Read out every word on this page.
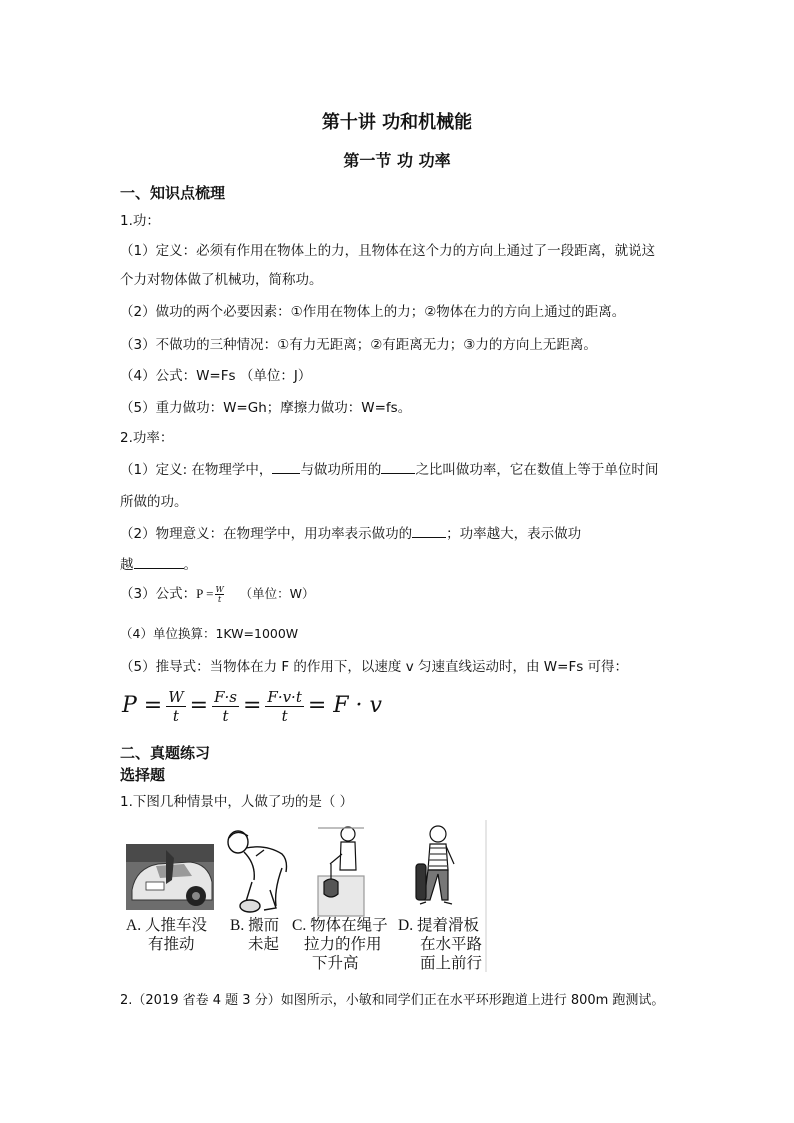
第十讲 功和机械能
第一节 功 功率
一、知识点梳理
1.功：
（1）定义：必须有作用在物体上的力，且物体在这个力的方向上通过了一段距离，就说这
个力对物体做了机械功，简称功。
（2）做功的两个必要因素：①作用在物体上的力；②物体在力的方向上通过的距离。
（3）不做功的三种情况：①有力无距离；②有距离无力；③力的方向上无距离。
（4）公式：W=Fs （单位：J）
（5）重力做功：W=Gh；摩擦力做功：W=fs。
2.功率：
（1）定义: 在物理学中， 与做功所用的	之比叫做功率，它在数值上等于单位时间
所做的功。
（2）物理意义：在物理学中，用功率表示做功的	；功率越大，表示做功
越	。
（3）公式：$P = \frac{W}{t}$ （单位：W）
（4）单位换算：1KW=1000W
（5）推导式：当物体在力 F 的作用下，以速度 v 匀速直线运动时，由 W=Fs 可得：
$P = \frac{W}{t} = \frac{F\cdot s}{t} = \frac{F\cdot v\cdot t}{t} = F \cdot v$
二、真题练习
选择题
1.下图几种情景中，人做了功的是（ ）
A. 人推车没
有推动
B. 搬而
未起
C. 物体在绳子
拉力的作用
下升高
D. 提着滑板
在水平路
面上前行
2.（2019 省卷 4 题 3 分）如图所示，小敏和同学们正在水平环形跑道上进行 800m 跑测试。
